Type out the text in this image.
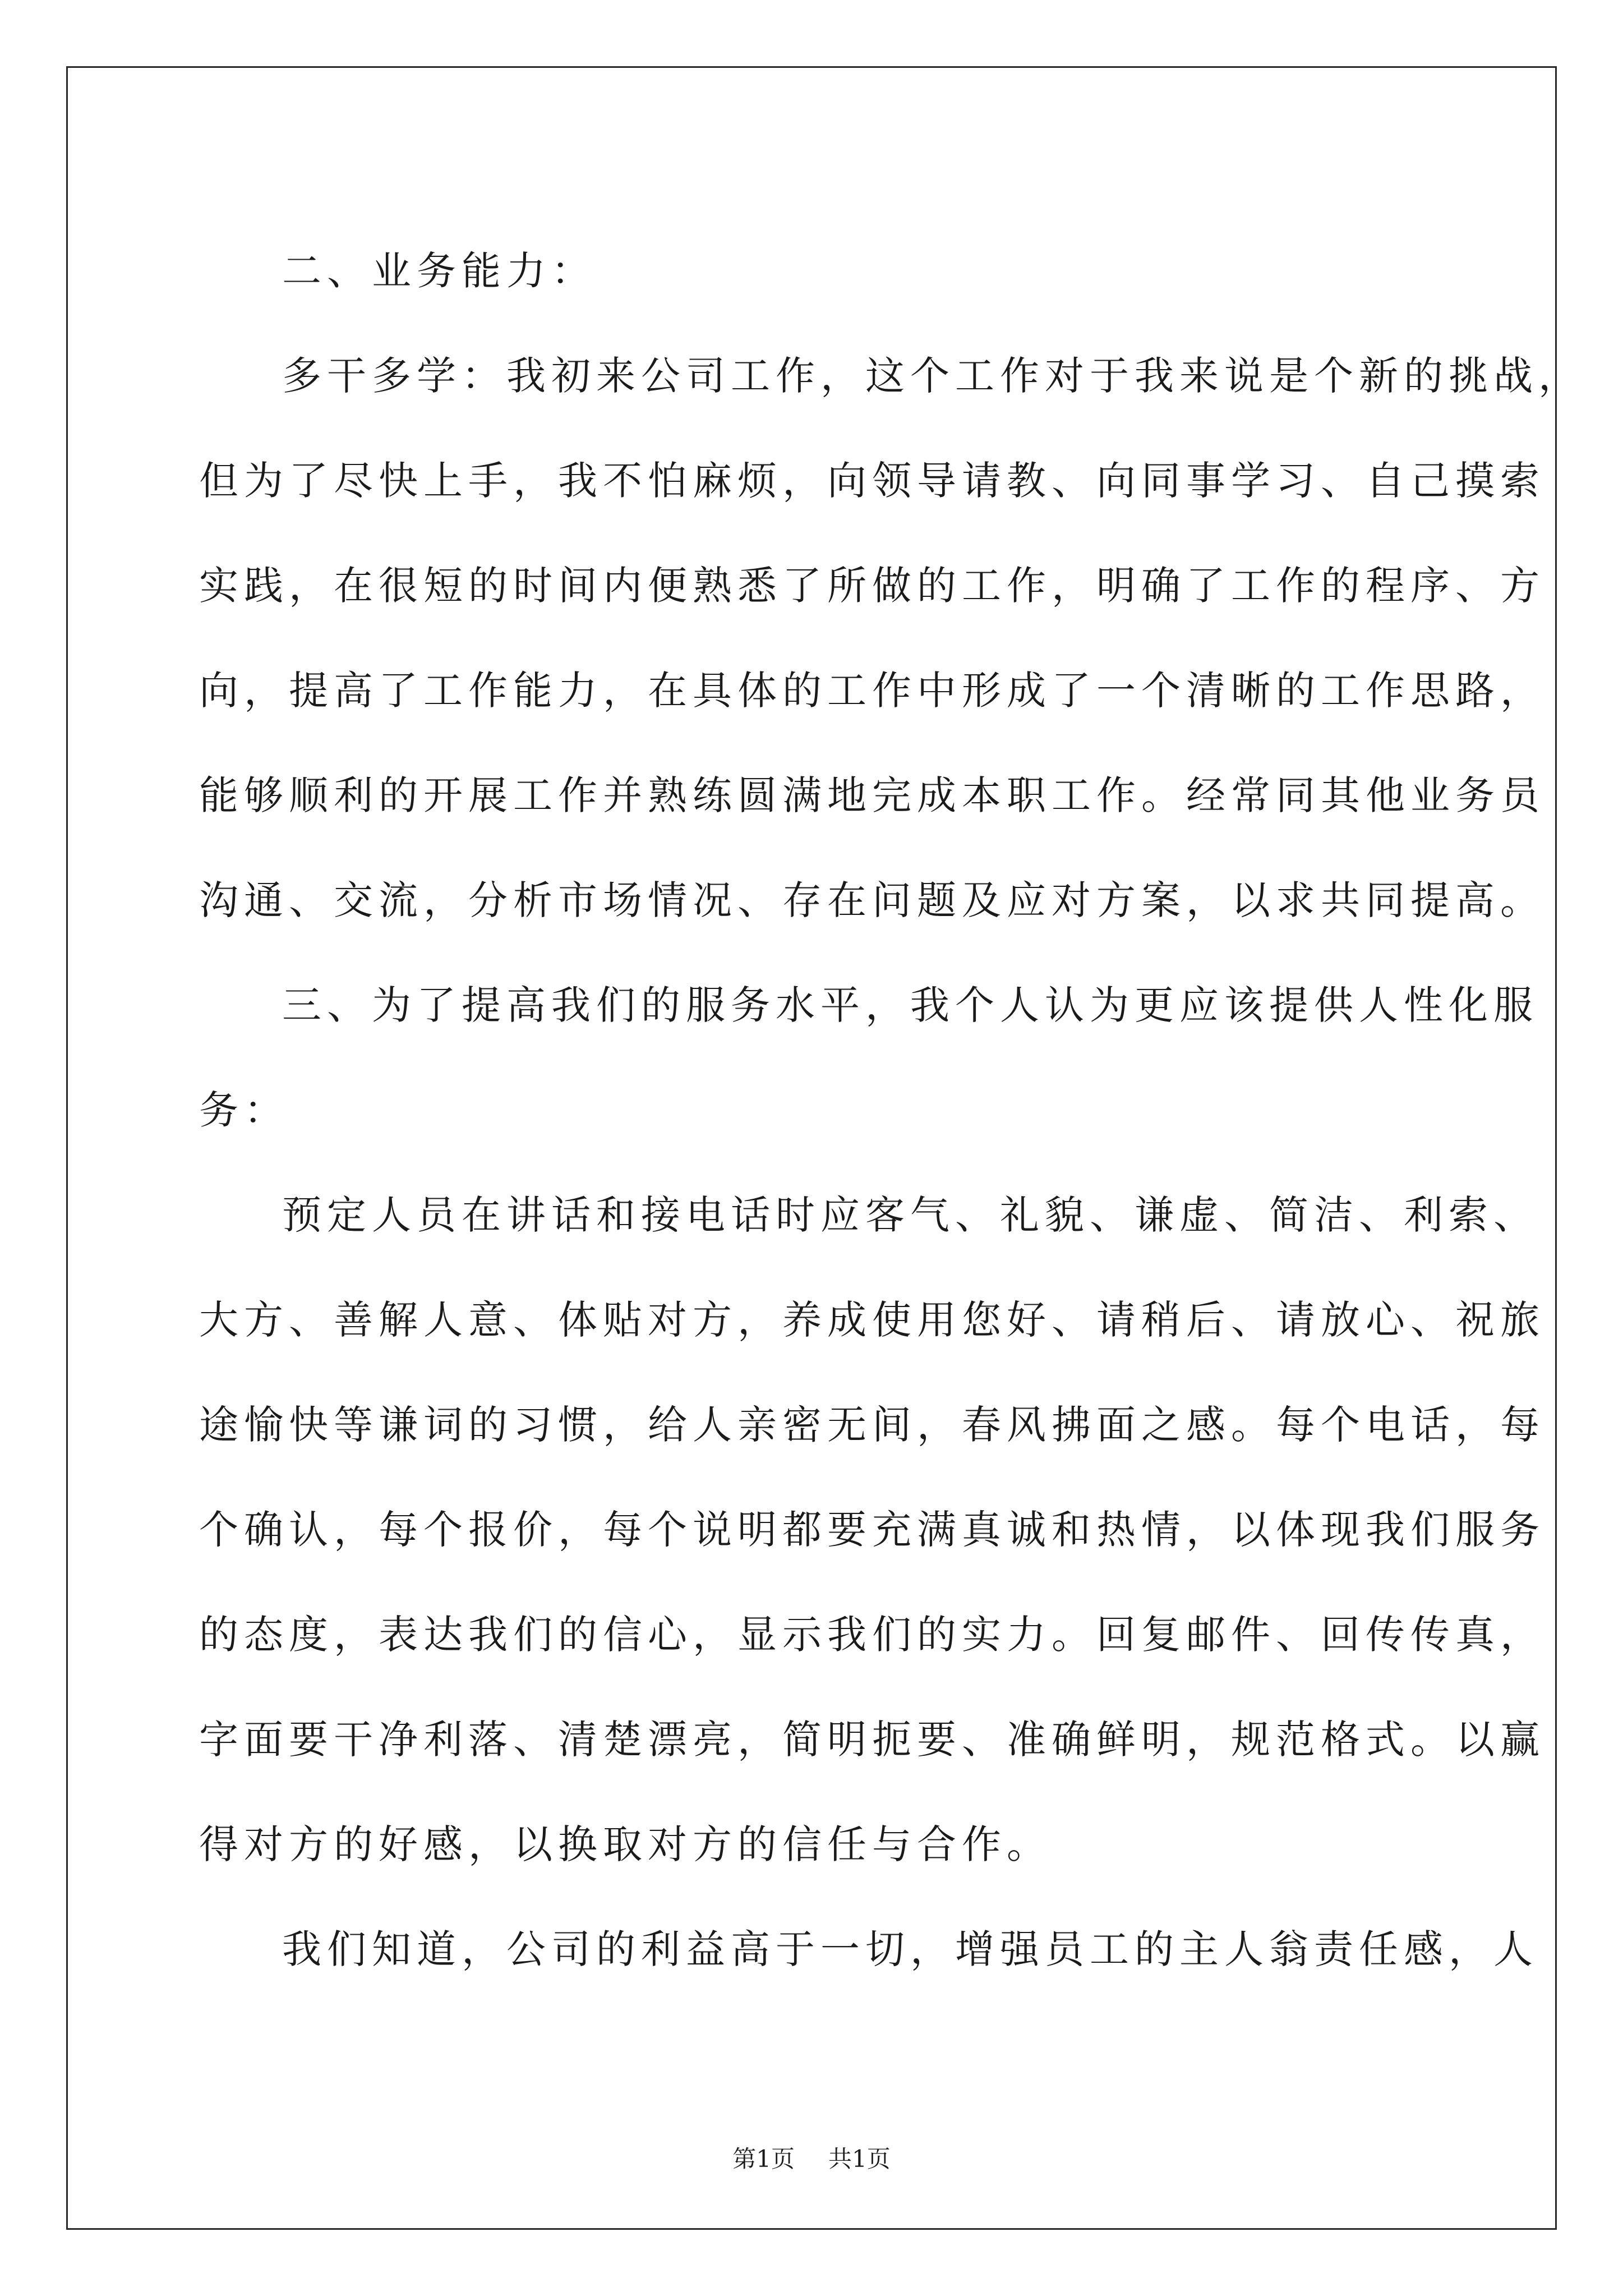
二、业务能力：
多干多学：我初来公司工作，这个工作对于我来说是个新的挑战，
但为了尽快上手，我不怕麻烦，向领导请教、向同事学习、自己摸索
实践，在很短的时间内便熟悉了所做的工作，明确了工作的程序、方
向，提高了工作能力，在具体的工作中形成了一个清晰的工作思路，
能够顺利的开展工作并熟练圆满地完成本职工作。经常同其他业务员
沟通、交流，分析市场情况、存在问题及应对方案，以求共同提高。
三、为了提高我们的服务水平，我个人认为更应该提供人性化服
务：
预定人员在讲话和接电话时应客气、礼貌、谦虚、简洁、利索、
大方、善解人意、体贴对方，养成使用您好、请稍后、请放心、祝旅
途愉快等谦词的习惯，给人亲密无间，春风拂面之感。每个电话，每
个确认，每个报价，每个说明都要充满真诚和热情，以体现我们服务
的态度，表达我们的信心，显示我们的实力。回复邮件、回传传真，
字面要干净利落、清楚漂亮，简明扼要、准确鲜明，规范格式。以赢
得对方的好感，以换取对方的信任与合作。
我们知道，公司的利益高于一切，增强员工的主人翁责任感，人
第1页 共1页
